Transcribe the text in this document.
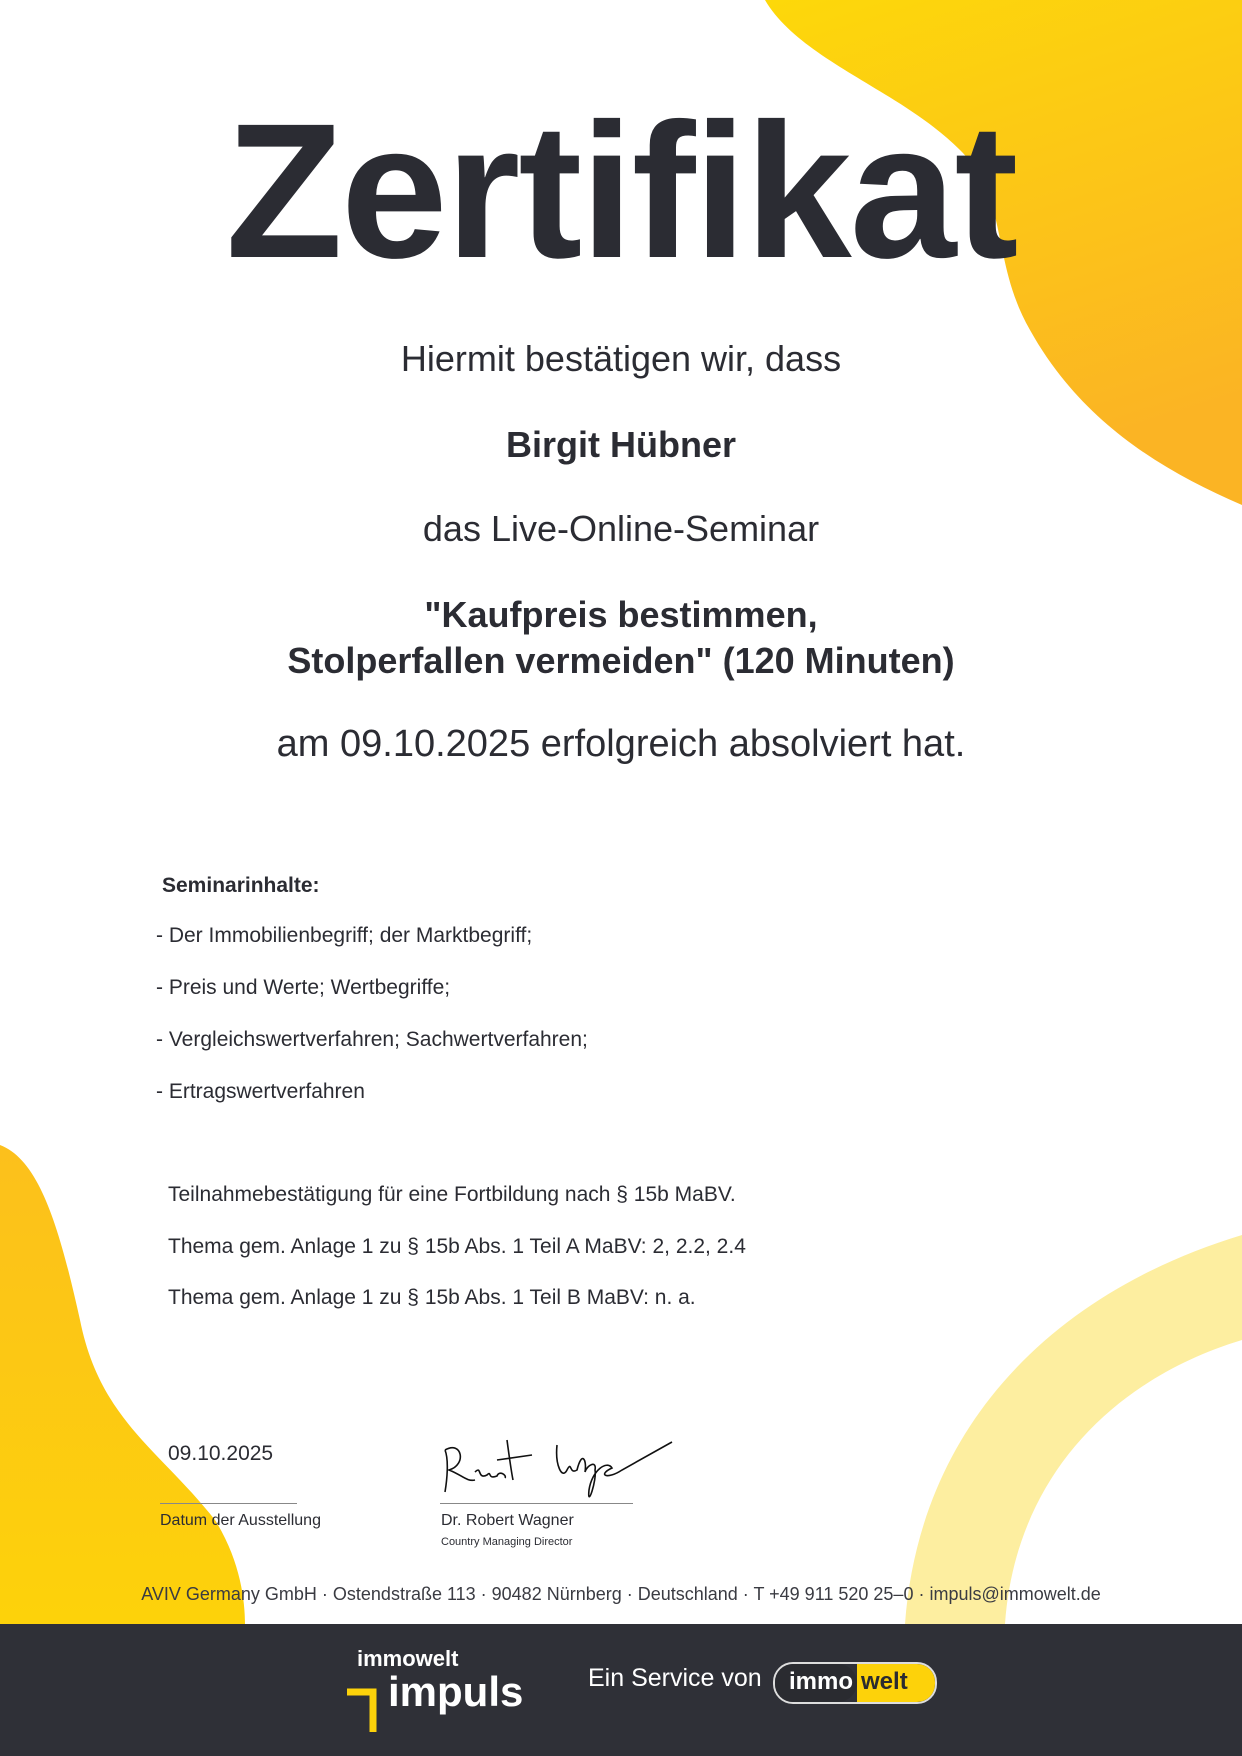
Zertifikat
Hiermit bestätigen wir, dass
Birgit Hübner
das Live-Online-Seminar
"Kaufpreis bestimmen,
Stolperfallen vermeiden" (120 Minuten)
am 09.10.2025 erfolgreich absolviert hat.
Seminarinhalte:
- Der Immobilienbegriff; der Marktbegriff;
- Preis und Werte; Wertbegriffe;
- Vergleichswertverfahren; Sachwertverfahren;
- Ertragswertverfahren
Teilnahmebestätigung für eine Fortbildung nach § 15b MaBV.
Thema gem. Anlage 1 zu § 15b Abs. 1 Teil A MaBV: 2, 2.2, 2.4
Thema gem. Anlage 1 zu § 15b Abs. 1 Teil B MaBV: n. a.
09.10.2025
Datum der Ausstellung	Dr. Robert Wagner
Country Managing Director
AVIV Germany GmbH · Ostendstraße 113 · 90482 Nürnberg · Deutschland · T +49 911 520 25–0 · impuls@immowelt.de
immowelt
impuls	Ein Service von	immo welt
